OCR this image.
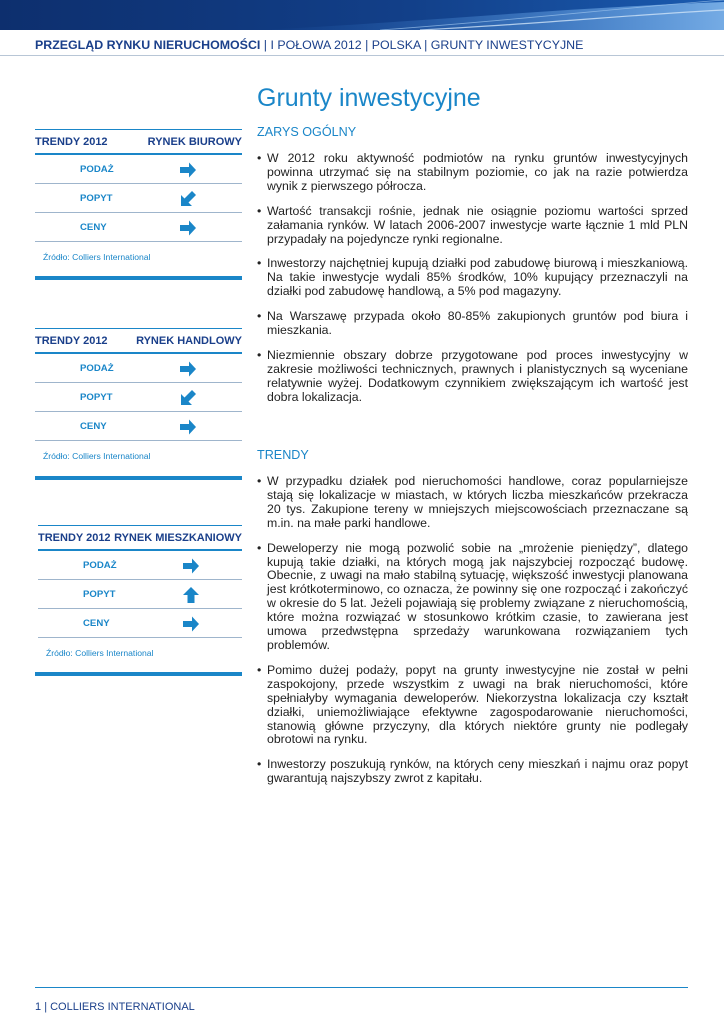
PRZEGLĄD RYNKU NIERUCHOMOŚCI | I POŁOWA 2012 | POLSKA | GRUNTY INWESTYCYJNE
Grunty inwestycyjne
TRENDY 2012	RYNEK BIUROWY
PODAŻ
POPYT
CENY
Źródło: Colliers International
TRENDY 2012	RYNEK HANDLOWY
PODAŻ
POPYT
CENY
Źródło: Colliers International
TRENDY 2012 RYNEK MIESZKANIOWY
PODAŻ
POPYT
CENY
Źródło: Colliers International
ZARYS OGÓLNY
• W 2012 roku aktywność podmiotów na rynku gruntów inwestycyjnych powinna utrzymać się na stabilnym poziomie, co jak na razie potwierdza wynik z pierwszego półrocza.
• Wartość transakcji rośnie, jednak nie osiągnie poziomu wartości sprzed załamania rynków. W latach 2006-2007 inwestycje warte łącznie 1 mld PLN przypadały na pojedyncze rynki regionalne.
• Inwestorzy najchętniej kupują działki pod zabudowę biurową i mieszkaniową. Na takie inwestycje wydali 85% środków, 10% kupujący przeznaczyli na działki pod zabudowę handlową, a 5% pod magazyny.
• Na Warszawę przypada około 80-85% zakupionych gruntów pod biura i mieszkania.
• Niezmiennie obszary dobrze przygotowane pod proces inwestycyjny w zakresie możliwości technicznych, prawnych i planistycznych są wyceniane relatywnie wyżej. Dodatkowym czynnikiem zwiększającym ich wartość jest dobra lokalizacja.
TRENDY
• W przypadku działek pod nieruchomości handlowe, coraz popularniejsze stają się lokalizacje w miastach, w których liczba mieszkańców przekracza 20 tys. Zakupione tereny w mniejszych miejscowościach przeznaczane są m.in. na małe parki handlowe.
• Deweloperzy nie mogą pozwolić sobie na „mrożenie pieniędzy”, dlatego kupują takie działki, na których mogą jak najszybciej rozpocząć budowę. Obecnie, z uwagi na mało stabilną sytuację, większość inwestycji planowana jest krótkoterminowo, co oznacza, że powinny się one rozpocząć i zakończyć w okresie do 5 lat. Jeżeli pojawiają się problemy związane z nieruchomością, które można rozwiązać w stosunkowo krótkim czasie, to zawierana jest umowa przedwstępna sprzedaży warunkowana rozwiązaniem tych problemów.
• Pomimo dużej podaży, popyt na grunty inwestycyjne nie został w pełni zaspokojony, przede wszystkim z uwagi na brak nieruchomości, które spełniałyby wymagania deweloperów. Niekorzystna lokalizacja czy kształt działki, uniemożliwiające efektywne zagospodarowanie nieruchomości, stanowią główne przyczyny, dla których niektóre grunty nie podlegały obrotowi na rynku.
• Inwestorzy poszukują rynków, na których ceny mieszkań i najmu oraz popyt gwarantują najszybszy zwrot z kapitału.
1 | COLLIERS INTERNATIONAL
